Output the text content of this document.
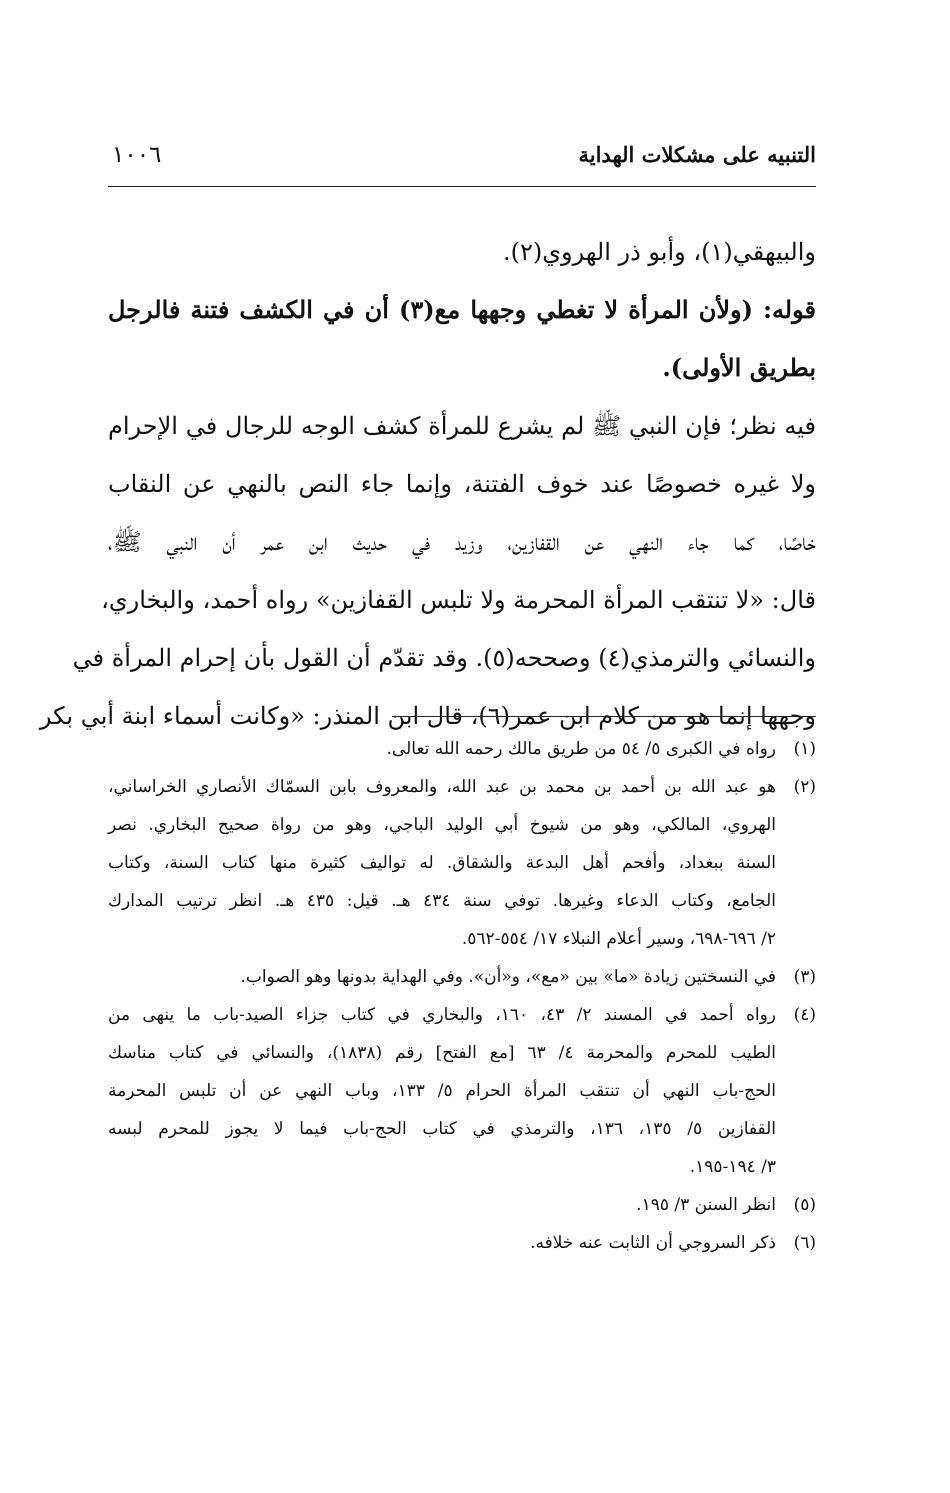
التنبيه على مشكلات الهداية
١٠٠٦
والبيهقي(١)، وأبو ذر الهروي(٢).
قوله: (ولأن المرأة لا تغطي وجهها مع(٣) أن في الكشف فتنة فالرجل
بطريق الأولى).
فيه نظر؛ فإن النبي ﷺ لم يشرع للمرأة كشف الوجه للرجال في الإحرام
ولا غيره خصوصًا عند خوف الفتنة، وإنما جاء النص بالنهي عن النقاب
خاصًا، كما جاء النهي عن القفازين، وزيد في حديث ابن عمر أن النبي ﷺ،
قال: «لا تنتقب المرأة المحرمة ولا تلبس القفازين» رواه أحمد، والبخاري،
والنسائي والترمذي(٤) وصححه(٥). وقد تقدّم أن القول بأن إحرام المرأة في
وجهها إنما هو من كلام ابن عمر(٦)، قال ابن المنذر: «وكانت أسماء ابنة أبي بكر
(١)رواه في الكبرى ٥/ ٥٤ من طريق مالك رحمه الله تعالى.
(٢)هو عبد الله بن أحمد بن محمد بن عبد الله، والمعروف بابن السمّاك الأنصاري الخراساني،
الهروي، المالكي، وهو من شيوخ أبي الوليد الباجي، وهو من رواة صحيح البخاري. نصر
السنة ببغداد، وأفحم أهل البدعة والشقاق. له تواليف كثيرة منها كتاب السنة، وكتاب
الجامع، وكتاب الدعاء وغيرها. توفي سنة ٤٣٤ هـ. قيل: ٤٣٥ هـ. انظر ترتيب المدارك
٢/ ٦٩٦-٦٩٨، وسير أعلام النبلاء ١٧/ ٥٥٤-٥٦٢.
(٣)في النسختين زيادة «ما» بين «مع»، و«أن». وفي الهداية بدونها وهو الصواب.
(٤)رواه أحمد في المسند ٢/ ٤٣، ١٦٠، والبخاري في كتاب جزاء الصيد-باب ما ينهى من
الطيب للمحرم والمحرمة ٤/ ٦٣ [مع الفتح] رقم (١٨٣٨)، والنسائي في كتاب مناسك
الحج-باب النهي أن تنتقب المرأة الحرام ٥/ ١٣٣، وباب النهي عن أن تلبس المحرمة
القفازين ٥/ ١٣٥، ١٣٦، والترمذي في كتاب الحج-باب فيما لا يجوز للمحرم لبسه
٣/ ١٩٤-١٩٥.
(٥)انظر السنن ٣/ ١٩٥.
(٦)ذكر السروجي أن الثابت عنه خلافه.
